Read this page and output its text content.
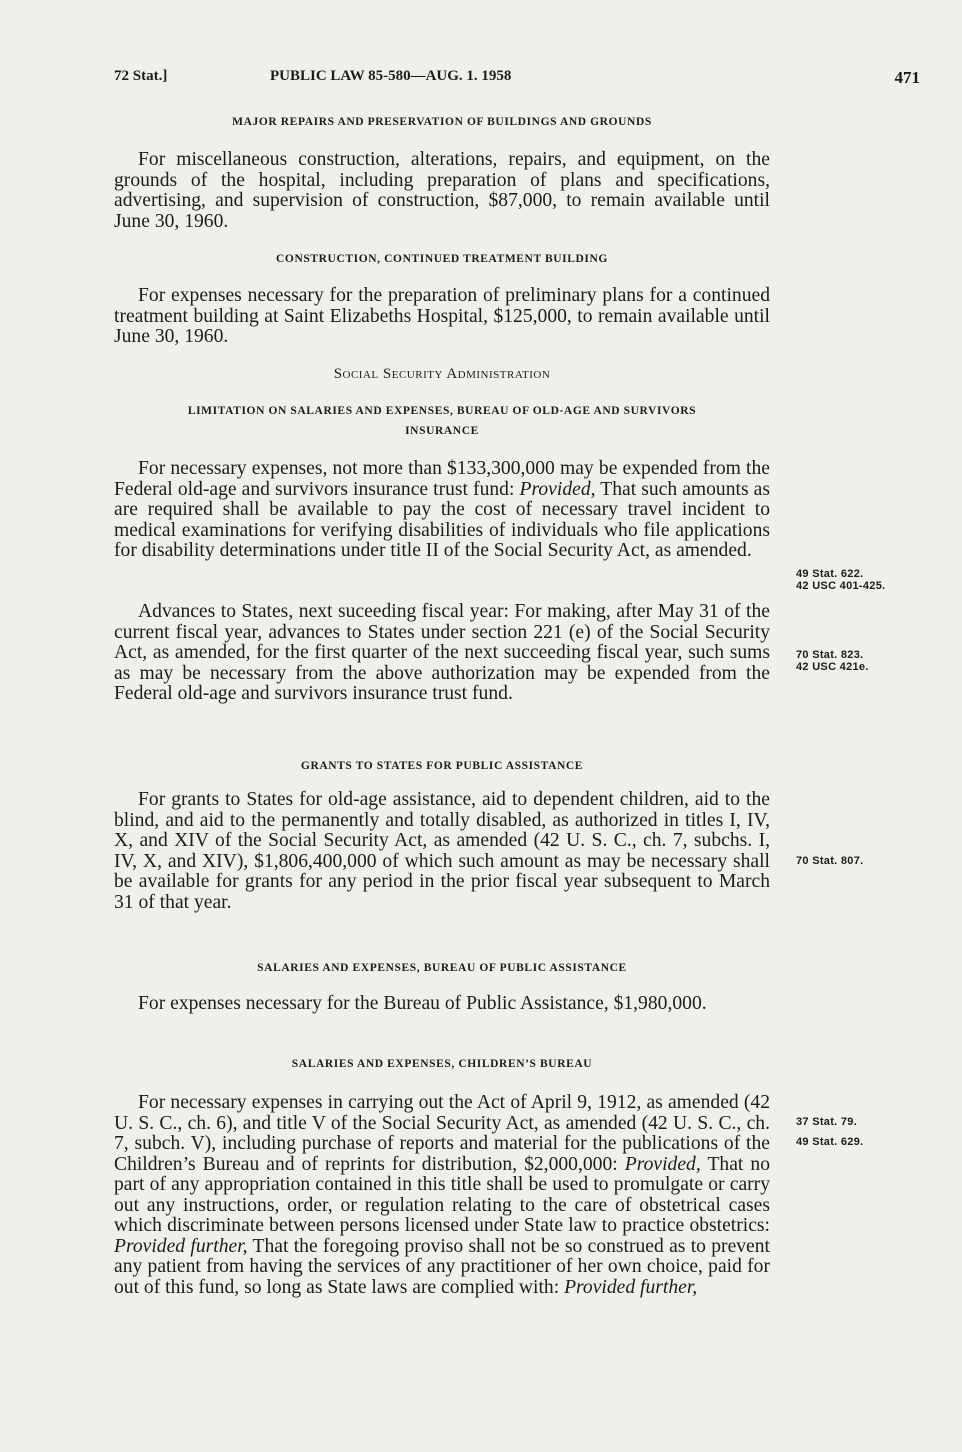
72 Stat.]	PUBLIC LAW 85-580—AUG. 1. 1958	471
MAJOR REPAIRS AND PRESERVATION OF BUILDINGS AND GROUNDS

For miscellaneous construction, alterations, repairs, and equipment, on the grounds of the hospital, including preparation of plans and specifications, advertising, and supervision of construction, $87,000, to remain available until June 30, 1960.

CONSTRUCTION, CONTINUED TREATMENT BUILDING

For expenses necessary for the preparation of preliminary plans for a continued treatment building at Saint Elizabeths Hospital, $125,000, to remain available until June 30, 1960.

Social Security Administration
LIMITATION ON SALARIES AND EXPENSES, BUREAU OF OLD-AGE AND SURVIVORS INSURANCE

For necessary expenses, not more than $133,300,000 may be expended from the Federal old-age and survivors insurance trust fund: Provided, That such amounts as are required shall be available to pay the cost of necessary travel incident to medical examinations for verifying disabilities of individuals who file applications for disability determinations under title II of the Social Security Act, as amended.

Advances to States, next suceeding fiscal year: For making, after May 31 of the current fiscal year, advances to States under section 221 (e) of the Social Security Act, as amended, for the first quarter of the next succeeding fiscal year, such sums as may be necessary from the above authorization may be expended from the Federal old-age and survivors insurance trust fund.

GRANTS TO STATES FOR PUBLIC ASSISTANCE

For grants to States for old-age assistance, aid to dependent children, aid to the blind, and aid to the permanently and totally disabled, as authorized in titles I, IV, X, and XIV of the Social Security Act, as amended (42 U. S. C., ch. 7, subchs. I, IV, X, and XIV), $1,806,400,000 of which such amount as may be necessary shall be available for grants for any period in the prior fiscal year subsequent to March 31 of that year.

SALARIES AND EXPENSES, BUREAU OF PUBLIC ASSISTANCE

For expenses necessary for the Bureau of Public Assistance, $1,980,000.

SALARIES AND EXPENSES, CHILDREN’S BUREAU

For necessary expenses in carrying out the Act of April 9, 1912, as amended (42 U. S. C., ch. 6), and title V of the Social Security Act, as amended (42 U. S. C., ch. 7, subch. V), including purchase of reports and material for the publications of the Children’s Bureau and of reprints for distribution, $2,000,000: Provided, That no part of any appropriation contained in this title shall be used to promulgate or carry out any instructions, order, or regulation relating to the care of obstetrical cases which discriminate between persons licensed under State law to practice obstetrics: Provided further, That the foregoing proviso shall not be so construed as to prevent any patient from having the services of any practitioner of her own choice, paid for out of this fund, so long as State laws are complied with: Provided further,

49 Stat. 622.
42 USC 401-425.
70 Stat. 823.
42 USC 421e.
70 Stat. 807.
37 Stat. 79.
49 Stat. 629.
